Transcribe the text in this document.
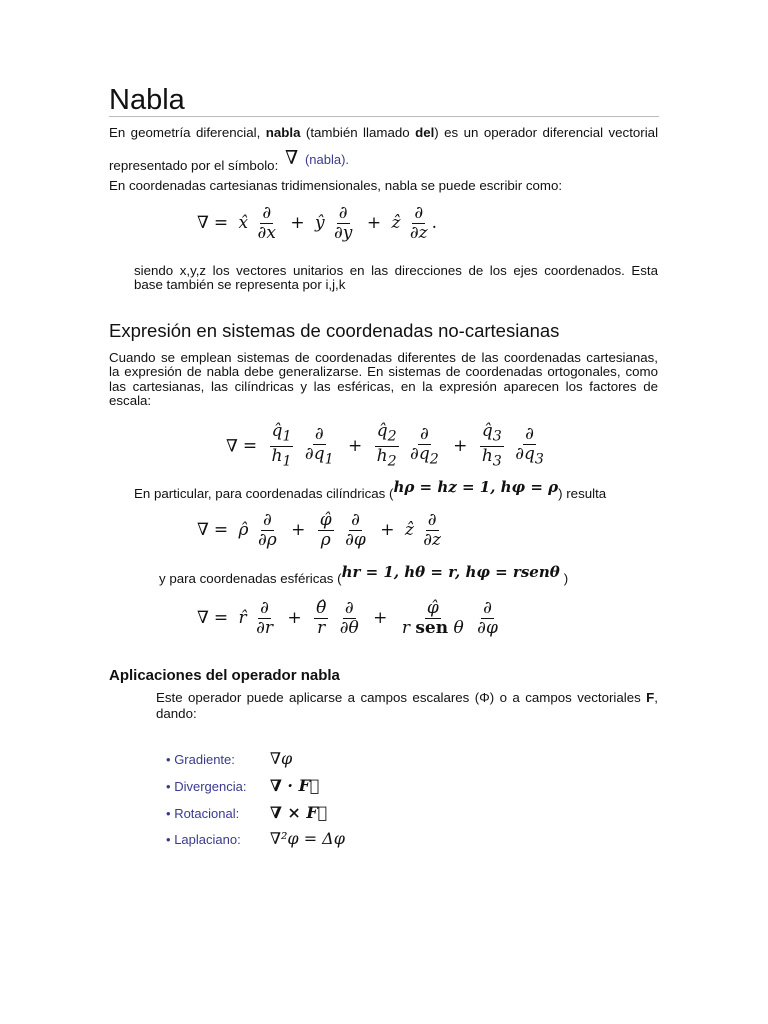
Nabla
En geometría diferencial, nabla (también llamado del) es un operador diferencial vectorial
representado por el símbolo: ∇ (nabla).
En coordenadas cartesianas tridimensionales, nabla se puede escribir como:
∇ = x̂ $\frac{\partial}{\partial x}$ + ŷ $\frac{\partial}{\partial y}$ + ẑ $\frac{\partial}{\partial z}$ .
siendo x,y,z los vectores unitarios en las direcciones de los ejes coordenados. Esta
base también se representa por i,j,k
Expresión en sistemas de coordenadas no-cartesianas
Cuando se emplean sistemas de coordenadas diferentes de las coordenadas cartesianas,
la expresión de nabla debe generalizarse. En sistemas de coordenadas ortogonales, como
las cartesianas, las cilíndricas y las esféricas, en la expresión aparecen los factores de
escala:
∇ = $\frac{q̂_1}{h_1}$
$\frac{\partial}{\partial q_1} + \frac{q̂_2}{h_2}$
$\frac{\partial}{\partial q_2} + \frac{q̂_3}{h_3}$
$\frac{\partial}{\partial q_3}$
En particular, para coordenadas cilíndricas (hρ = hz = 1, hφ = ρ) resulta
∇ = ρ̂ $\frac{\partial}{\partial\rho} + \frac{\varphî}{\rho}$
$\frac{\partial}{\partial\varphi}$ + ẑ $\frac{\partial}{\partial z}$
y para coordenadas esféricas (hr = 1, hθ = r, hφ = rsenθ )
∇ = r̂ $\frac{\partial}{\partial r} + \frac{\thetâ}{r}$
$\frac{\partial}{\partial\theta} + \frac{\varphî}{\text{r sen θ}}$
$\frac{\partial}{\partial\varphi}$
Aplicaciones del operador nabla
Este operador puede aplicarse a campos escalares (Φ) o a campos vectoriales F,
dando:
• Gradiente: ∇φ
• Divergencia: ∇ · F⃗
• Rotacional: ∇ × F⃗
• Laplaciano: ∇²φ = Δφ
